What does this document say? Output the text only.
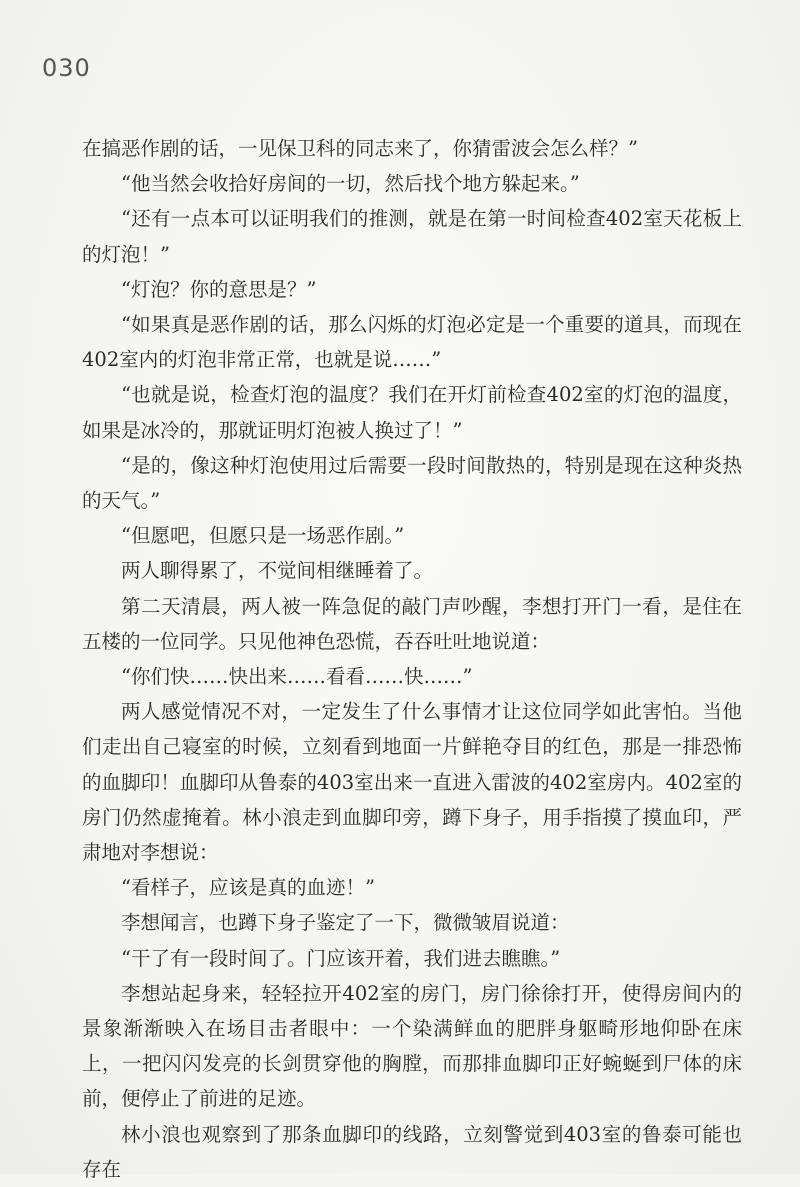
030

在搞恶作剧的话，一见保卫科的同志来了，你猜雷波会怎么样？”

“他当然会收拾好房间的一切，然后找个地方躲起来。”

“还有一点本可以证明我们的推测，就是在第一时间检查402室天花板上的灯泡！”

“灯泡？你的意思是？”

“如果真是恶作剧的话，那么闪烁的灯泡必定是一个重要的道具，而现在402室内的灯泡非常正常，也就是说……”

“也就是说，检查灯泡的温度？我们在开灯前检查402室的灯泡的温度，如果是冰冷的，那就证明灯泡被人换过了！”

“是的，像这种灯泡使用过后需要一段时间散热的，特别是现在这种炎热的天气。”

“但愿吧，但愿只是一场恶作剧。”

两人聊得累了，不觉间相继睡着了。

第二天清晨，两人被一阵急促的敲门声吵醒，李想打开门一看，是住在五楼的一位同学。只见他神色恐慌，吞吞吐吐地说道：

“你们快……快出来……看看……快……”

两人感觉情况不对，一定发生了什么事情才让这位同学如此害怕。当他们走出自己寝室的时候，立刻看到地面一片鲜艳夺目的红色，那是一排恐怖的血脚印！血脚印从鲁泰的403室出来一直进入雷波的402室房内。402室的房门仍然虚掩着。林小浪走到血脚印旁，蹲下身子，用手指摸了摸血印，严肃地对李想说：

“看样子，应该是真的血迹！”

李想闻言，也蹲下身子鉴定了一下，微微皱眉说道：

“干了有一段时间了。门应该开着，我们进去瞧瞧。”

李想站起身来，轻轻拉开402室的房门，房门徐徐打开，使得房间内的景象渐渐映入在场目击者眼中：一个染满鲜血的肥胖身躯畸形地仰卧在床上，一把闪闪发亮的长剑贯穿他的胸膛，而那排血脚印正好蜿蜒到尸体的床前，便停止了前进的足迹。

林小浪也观察到了那条血脚印的线路，立刻警觉到403室的鲁泰可能也存在
